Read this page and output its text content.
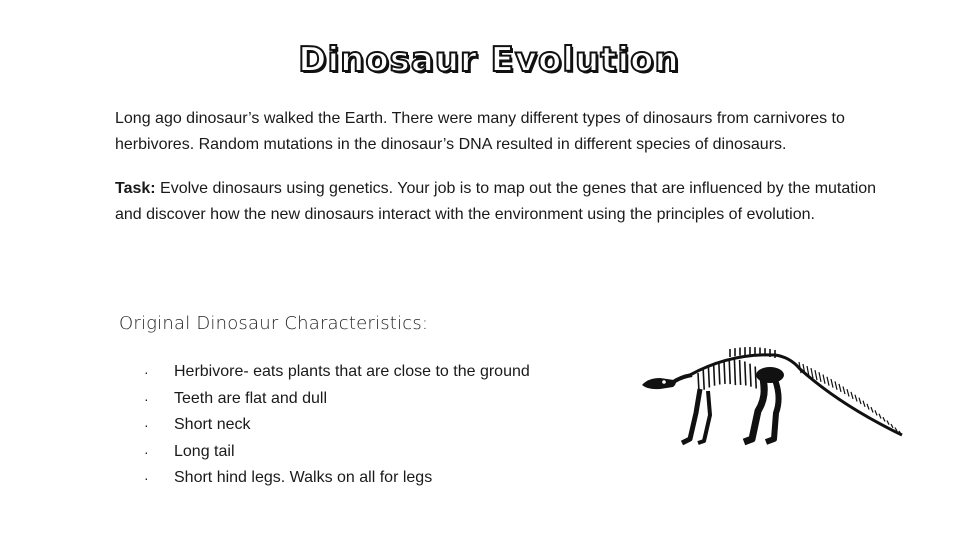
Dinosaur Evolution
Long ago dinosaur’s walked the Earth. There were many different types of dinosaurs from carnivores to herbivores. Random mutations in the dinosaur’s DNA resulted in different species of dinosaurs.
Task: Evolve dinosaurs using genetics. Your job is to map out the genes that are influenced by the mutation and discover how the new dinosaurs interact with the environment using the principles of evolution.
Original Dinosaur Characteristics:
· Herbivore- eats plants that are close to the ground
· Teeth are flat and dull
· Short neck
· Long tail
· Short hind legs. Walks on all for legs
